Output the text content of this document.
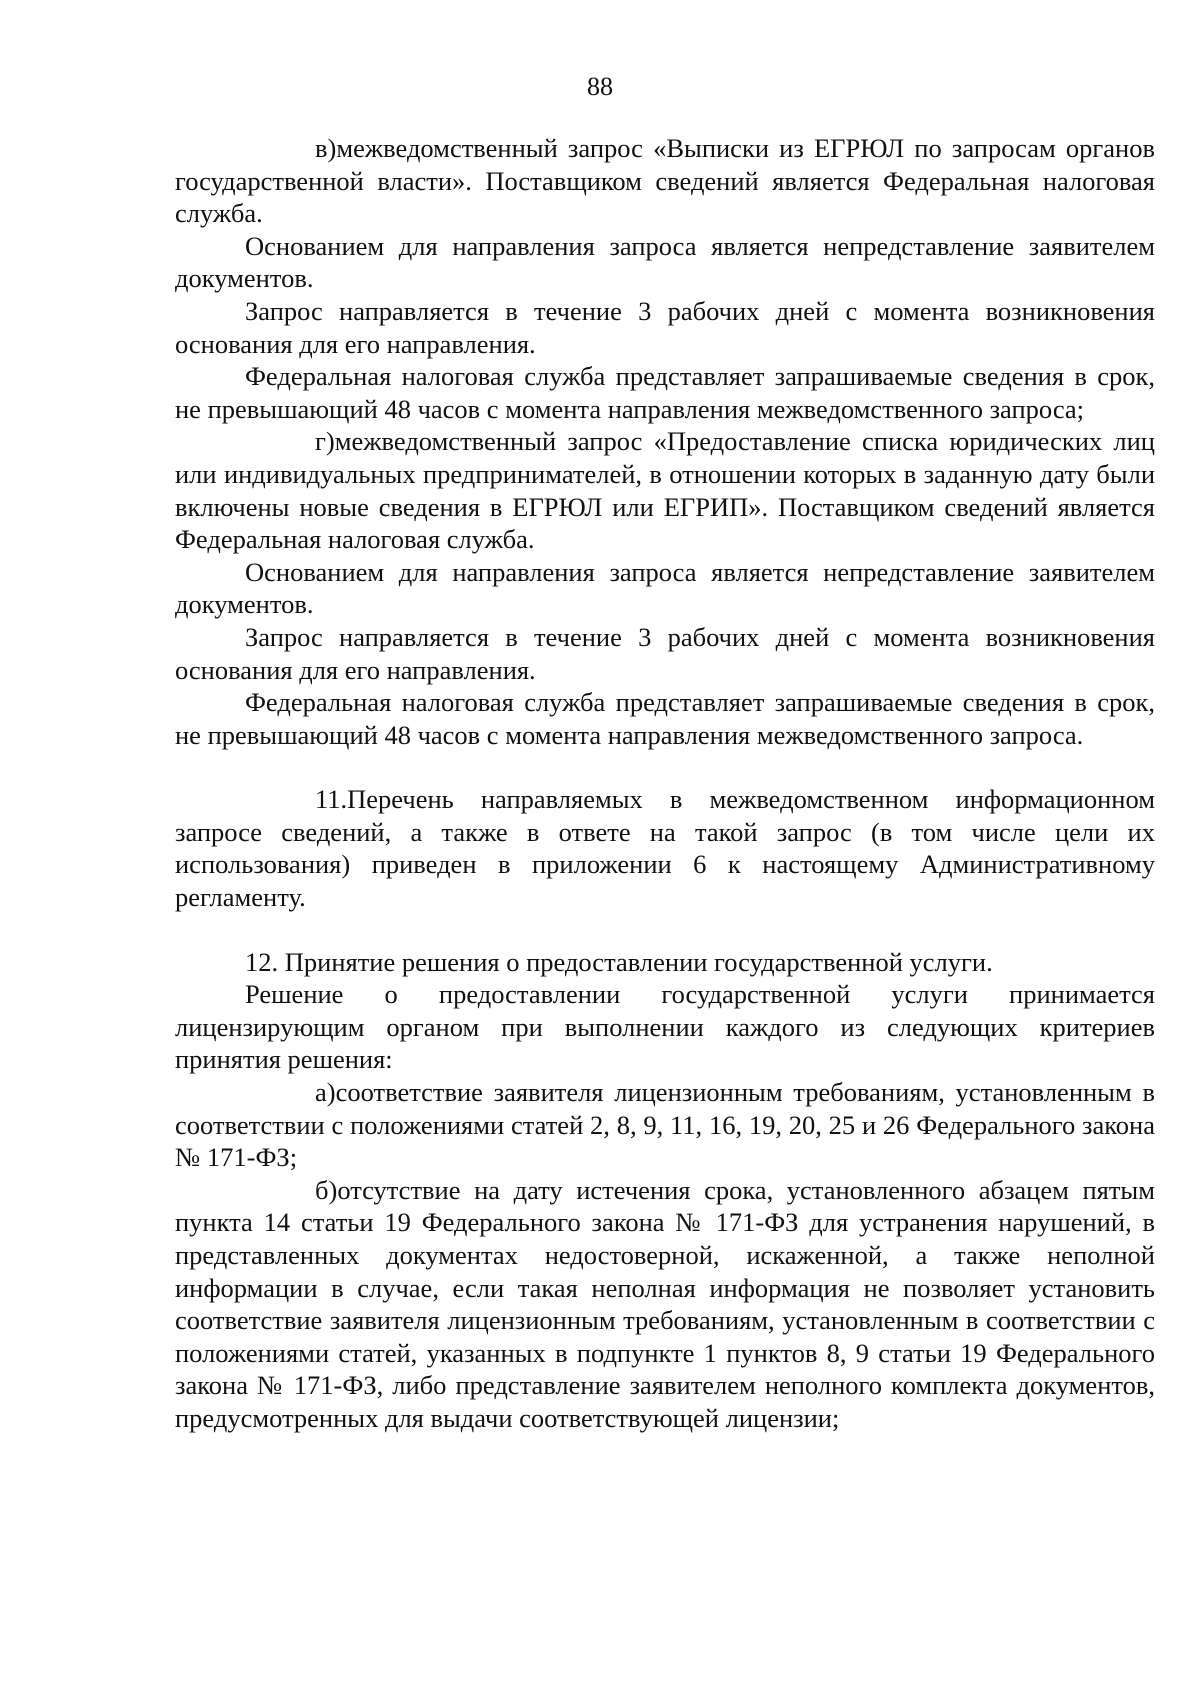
88

в)межведомственный запрос «Выписки из ЕГРЮЛ по запросам органов государственной власти». Поставщиком сведений является Федеральная налоговая служба.

Основанием для направления запроса является непредставление заявителем документов.

Запрос направляется в течение 3 рабочих дней с момента возникновения основания для его направления.

Федеральная налоговая служба представляет запрашиваемые сведения в срок, не превышающий 48 часов с момента направления межведомственного запроса;

г)межведомственный запрос «Предоставление списка юридических лиц или индивидуальных предпринимателей, в отношении которых в заданную дату были включены новые сведения в ЕГРЮЛ или ЕГРИП». Поставщиком сведений является Федеральная налоговая служба.

Основанием для направления запроса является непредставление заявителем документов.

Запрос направляется в течение 3 рабочих дней с момента возникновения основания для его направления.

Федеральная налоговая служба представляет запрашиваемые сведения в срок, не превышающий 48 часов с момента направления межведомственного запроса.

11.Перечень направляемых в межведомственном информационном запросе сведений, а также в ответе на такой запрос (в том числе цели их использования) приведен в приложении 6 к настоящему Административному регламенту.

12. Принятие решения о предоставлении государственной услуги.

Решение о предоставлении государственной услуги принимается лицензирующим органом при выполнении каждого из следующих критериев принятия решения:

а)соответствие заявителя лицензионным требованиям, установленным в соответствии с положениями статей 2, 8, 9, 11, 16, 19, 20, 25 и 26 Федерального закона № 171-ФЗ;

б)отсутствие на дату истечения срока, установленного абзацем пятым пункта 14 статьи 19 Федерального закона № 171-ФЗ для устранения нарушений, в представленных документах недостоверной, искаженной, а также неполной информации в случае, если такая неполная информация не позволяет установить соответствие заявителя лицензионным требованиям, установленным в соответствии с положениями статей, указанных в подпункте 1 пунктов 8, 9 статьи 19 Федерального закона № 171-ФЗ, либо представление заявителем неполного комплекта документов, предусмотренных для выдачи соответствующей лицензии;
